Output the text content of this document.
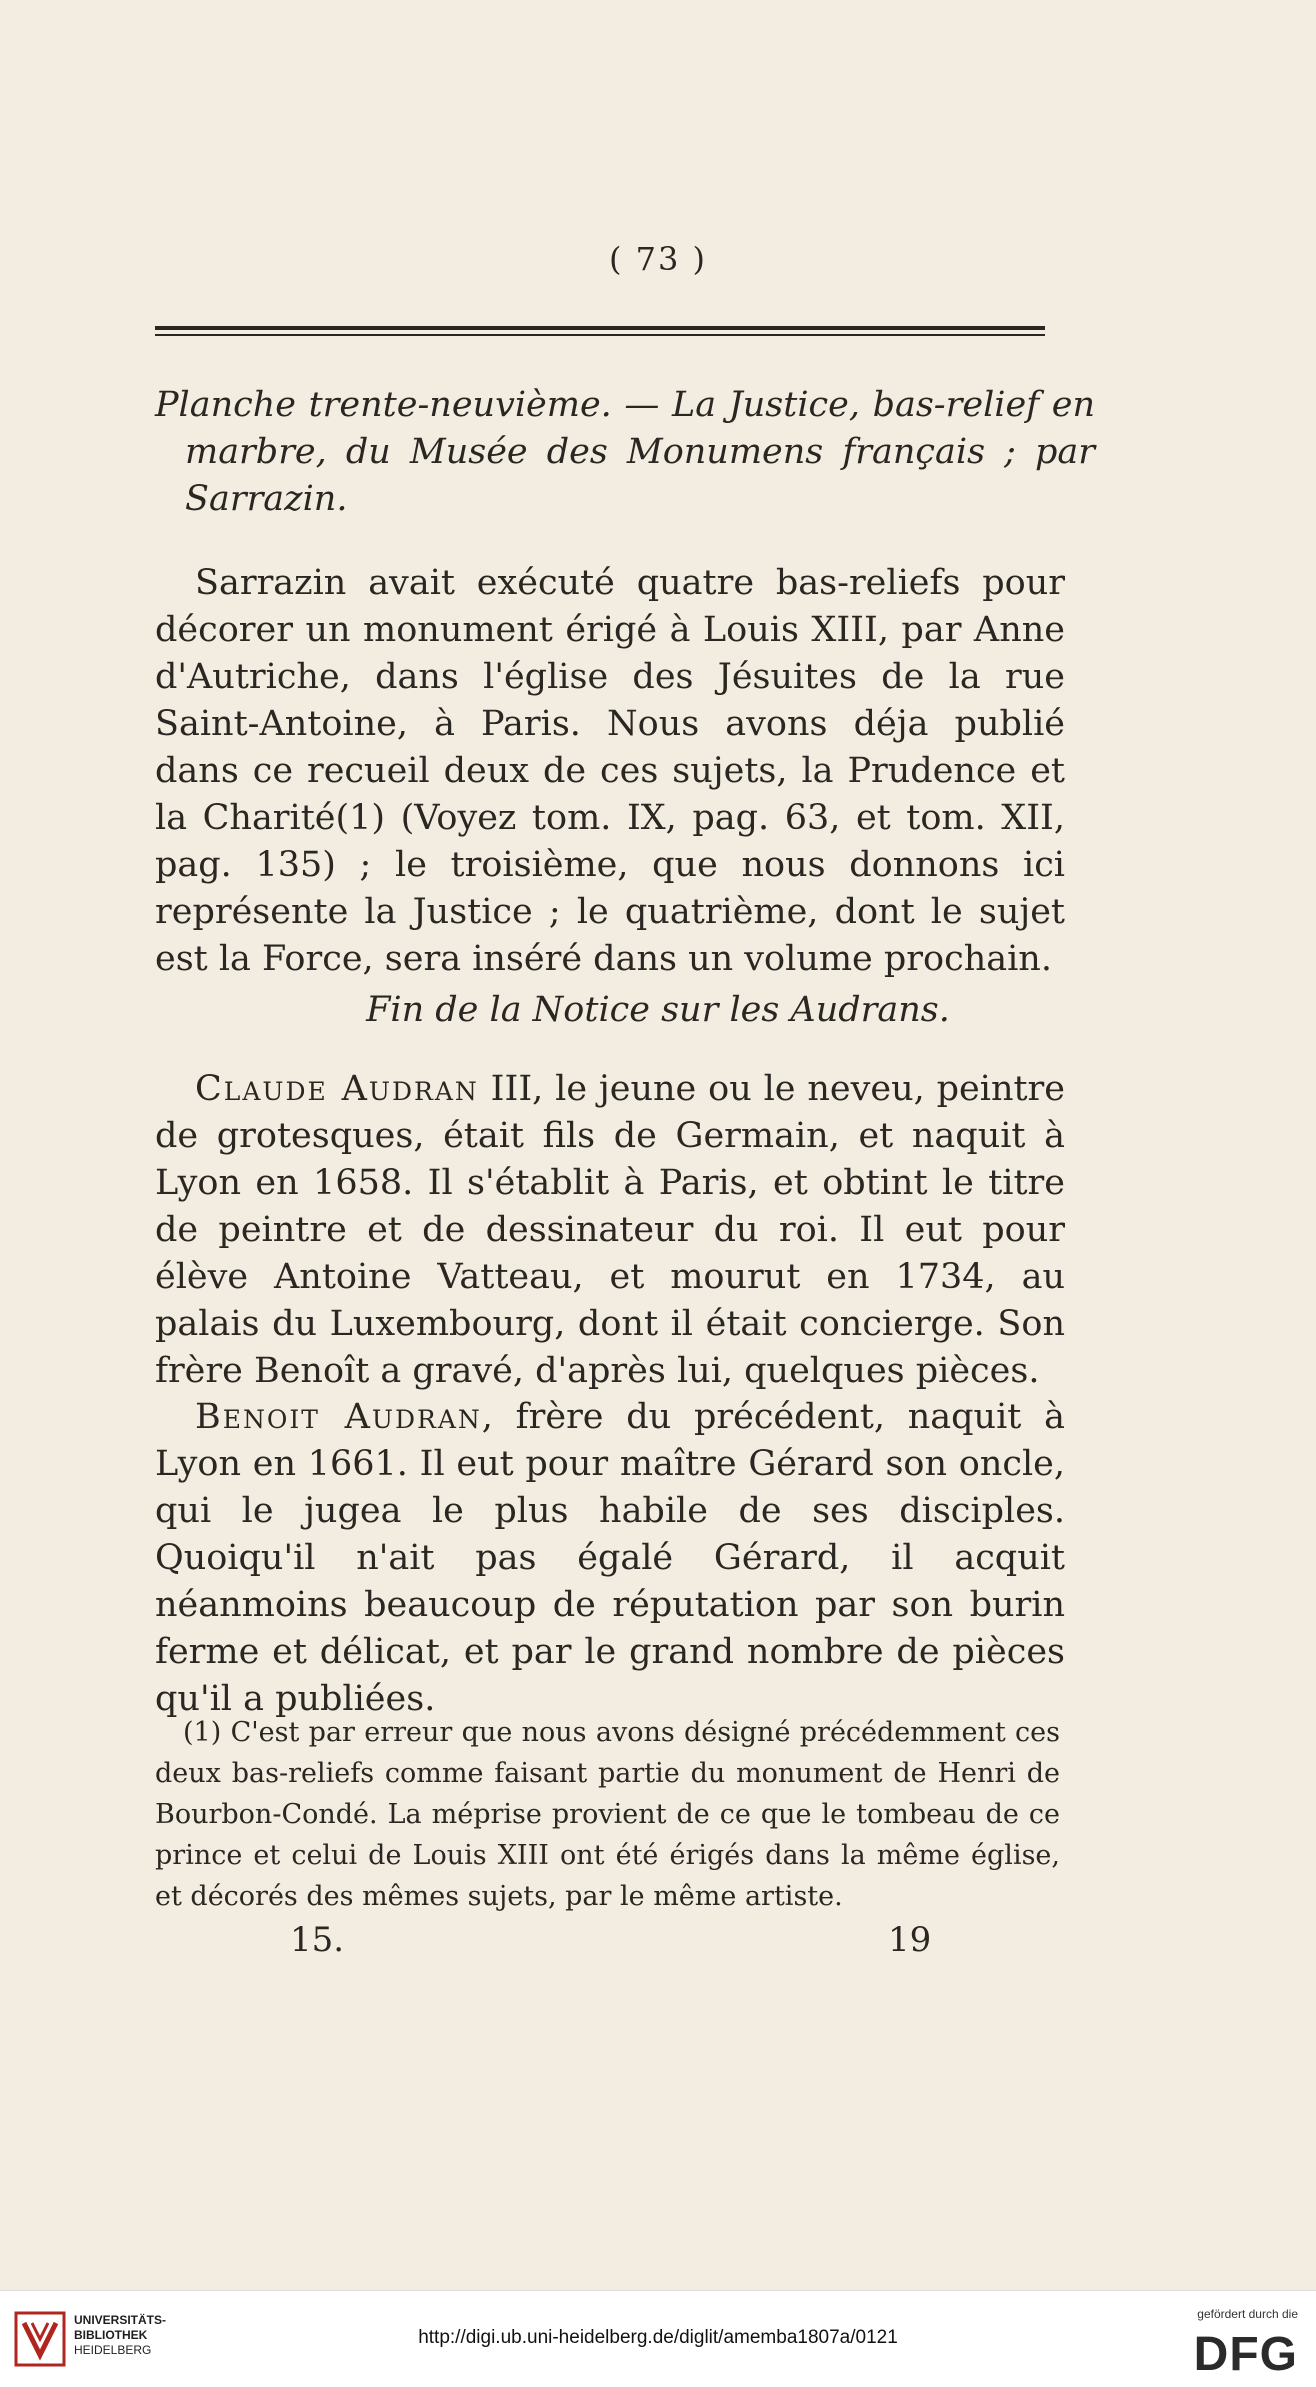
( 73 )
Planche trente-neuvième. — La Justice, bas-relief en marbre, du Musée des Monumens français ; par Sarrazin.
Sarrazin avait exécuté quatre bas-reliefs pour décorer un monument érigé à Louis XIII, par Anne d'Autriche, dans l'église des Jésuites de la rue Saint-Antoine, à Paris. Nous avons déja publié dans ce recueil deux de ces sujets, la Prudence et la Charité(1) (Voyez tom. IX, pag. 63, et tom. XII, pag. 135) ; le troisième, que nous donnons ici représente la Justice ; le quatrième, dont le sujet est la Force, sera inséré dans un volume prochain.
Fin de la Notice sur les Audrans.
Claude Audran III, le jeune ou le neveu, peintre de grotesques, était fils de Germain, et naquit à Lyon en 1658. Il s'établit à Paris, et obtint le titre de peintre et de dessinateur du roi. Il eut pour élève Antoine Vatteau, et mourut en 1734, au palais du Luxembourg, dont il était concierge. Son frère Benoît a gravé, d'après lui, quelques pièces.
Benoit Audran, frère du précédent, naquit à Lyon en 1661. Il eut pour maître Gérard son oncle, qui le jugea le plus habile de ses disciples. Quoiqu'il n'ait pas égalé Gérard, il acquit néanmoins beaucoup de réputation par son burin ferme et délicat, et par le grand nombre de pièces qu'il a publiées.
(1) C'est par erreur que nous avons désigné précédemment ces deux bas-reliefs comme faisant partie du monument de Henri de Bourbon-Condé. La méprise provient de ce que le tombeau de ce prince et celui de Louis XIII ont été érigés dans la même église, et décorés des mêmes sujets, par le même artiste.
15.	19
UNIVERSITÄTS-
BIBLIOTHEK
HEIDELBERG
http://digi.ub.uni-heidelberg.de/diglit/amemba1807a/0121
gefördert durch die
DFG
